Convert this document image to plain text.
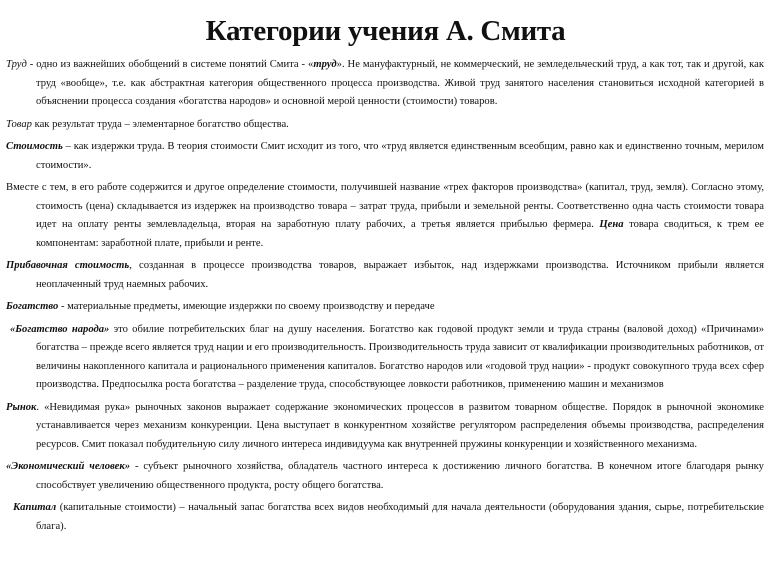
Категории учения А. Смита

Труд - одно из важнейших обобщений в системе понятий Смита - «труд». Не мануфактурный, не коммерческий, не земледельческий труд, а как тот, так и другой, как труд «вообще», т.е. как абстрактная категория общественного процесса производства. Живой труд занятого населения становиться исходной категорией в объяснении процесса создания «богатства народов» и основной мерой ценности (стоимости) товаров.

Товар как результат труда – элементарное богатство общества.

Стоимость – как издержки труда. В теория стоимости Смит исходит из того, что «труд является единственным всеобщим, равно как и единственно точным, мерилом стоимости».

Вместе с тем, в его работе содержится и другое определение стоимости, получившей название «трех факторов производства» (капитал, труд, земля). Согласно этому, стоимость (цена) складывается из издержек на производство товара – затрат труда, прибыли и земельной ренты. Соответственно одна часть стоимости товара идет на оплату ренты землевладельца, вторая на заработную плату рабочих, а третья является прибылью фермера. Цена товара сводиться, к трем ее компонентам: заработной плате, прибыли и ренте.

Прибавочная стоимость, созданная в процессе производства товаров, выражает избыток, над издержками производства. Источником прибыли является неоплаченный труд наемных рабочих.

Богатство - материальные предметы, имеющие издержки по своему производству и передаче

«Богатство народа» это обилие потребительских благ на душу населения. Богатство как годовой продукт земли и труда страны (валовой доход) «Причинами» богатства – прежде всего является труд нации и его производительность. Производительность труда зависит от квалификации производительных работников, от величины накопленного капитала и рационального применения капиталов. Богатство народов или «годовой труд нации» - продукт совокупного труда всех сфер производства. Предпосылка роста богатства – разделение труда, способствующее ловкости работников, применению машин и механизмов

Рынок. «Невидимая рука» рыночных законов выражает содержание экономических процессов в развитом товарном обществе. Порядок в рыночной экономике устанавливается через механизм конкуренции. Цена выступает в конкурентном хозяйстве регулятором распределения объемы производства, распределения ресурсов. Смит показал побудительную силу личного интереса индивидуума как внутренней пружины конкуренции и хозяйственного механизма.

«Экономический человек» - субъект рыночного хозяйства, обладатель частного интереса к достижению личного богатства. В конечном итоге благодаря рынку способствует увеличению общественного продукта, росту общего богатства.

Капитал (капитальные стоимости) – начальный запас богатства всех видов необходимый для начала деятельности (оборудования здания, сырье, потребительские блага).
